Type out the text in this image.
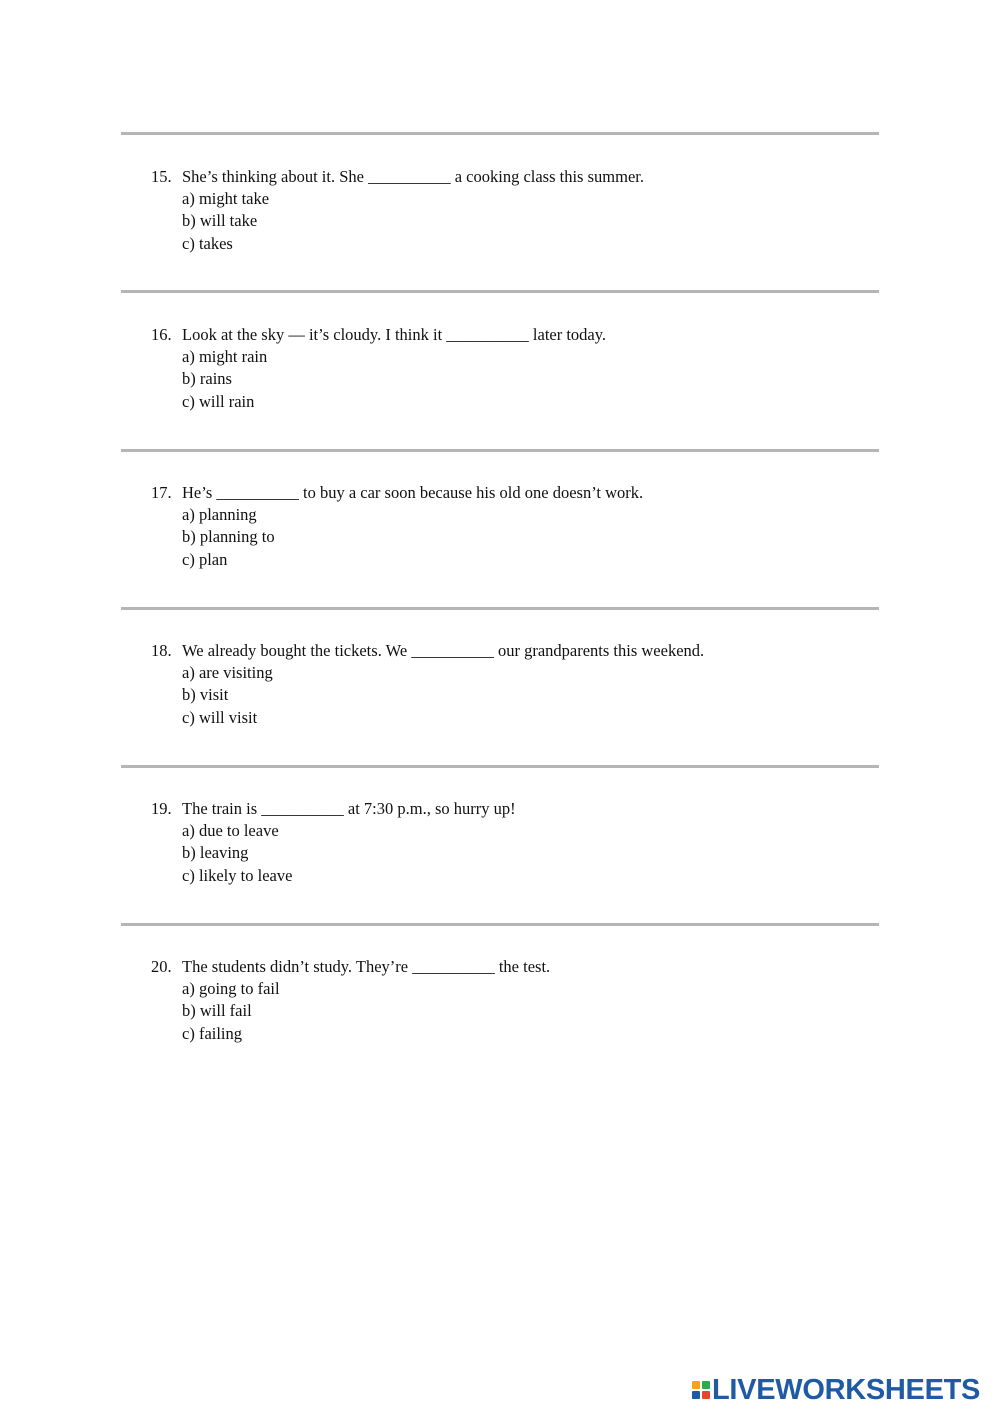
15. She’s thinking about it. She __________ a cooking class this summer.
a) might take
b) will take
c) takes
16. Look at the sky — it’s cloudy. I think it __________ later today.
a) might rain
b) rains
c) will rain
17. He’s __________ to buy a car soon because his old one doesn’t work.
a) planning
b) planning to
c) plan
18. We already bought the tickets. We __________ our grandparents this weekend.
a) are visiting
b) visit
c) will visit
19. The train is __________ at 7:30 p.m., so hurry up!
a) due to leave
b) leaving
c) likely to leave
20. The students didn’t study. They’re __________ the test.
a) going to fail
b) will fail
c) failing
LIVEWORKSHEETS
